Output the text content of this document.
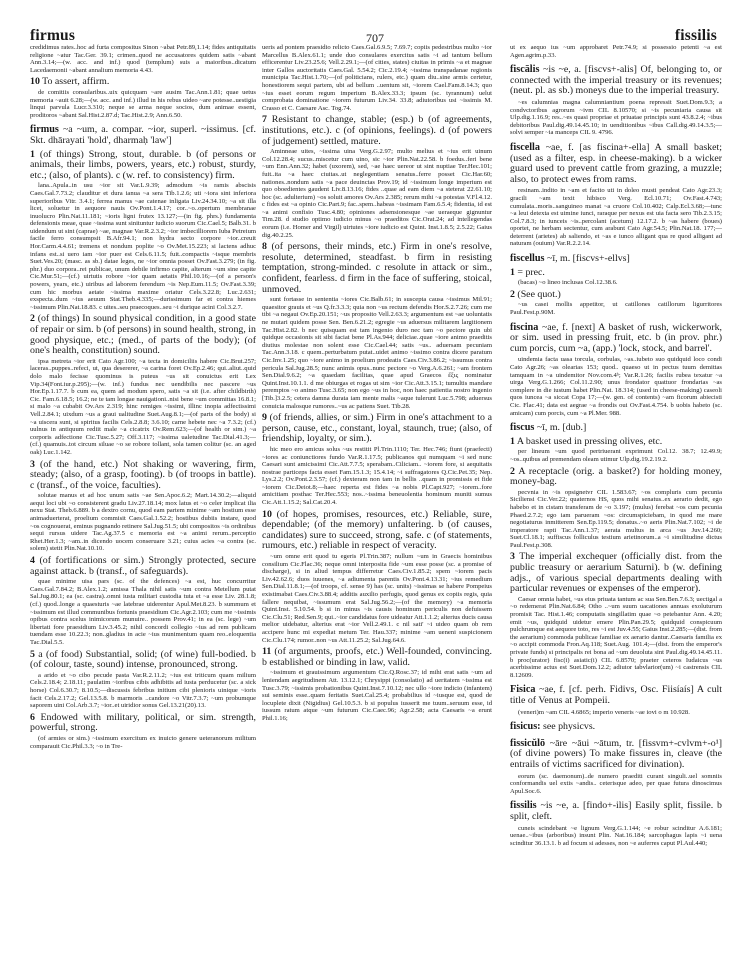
firmus	707	fissilis

credidimus rates..hoc ad furta compositus Sinon ~abat Petr.89,1.14; fides antiquitatis religione ~atur Tac.Ger. 39.1; crimen..quod ne accusatores quidem satis ~abant Ann.3.14;—(w. acc. and inf.) quod (templum) suis a maioribus..dicatum Lacedaemonii ~abant annalium memoria 4.43.

10 To assert, affirm.

de comitiis consularibus..uix quicquam ~are ausim Tac.Ann.1.81; quae uetus memoria ~auit 6.28;—(w. acc. and inf.) illud in his rebus uideo ~are potesse..uestigia linqui parvula Lucr.3.310; neque se arma neque socios, dum animae essent, proditoros ~abant Sal.Hist.2.87.d; Tac.Hist.2.9; Ann.6.50.

firmus ~a ~um, a. compar. ~ior, superl. ~issimus. [cf. Skt. dhārayati 'hold', dharmaḥ 'law']

1 (of things) Strong, stout, durable. b (of persons or animals, their limbs, powers, years, etc.) robust, sturdy, etc.; (also, of plants). c (w. ref. to consistency) firm.

lana..Apula..in usu ~ior sit Var.L.9.39; admodum ~is ramis abscisis Caes.Gal.7.73.2; clauditur et dura ianua ~a sera Tib.1.2.6; uti ~iora sint inferiora superioribus Vitr. 3.4.1; ferrea manus ~ae catenae inligata Liv.24.34.10; ~a sit illa licet, soluetur in aequore nauis Ov.Pont.1.4.17; cor..~o..opertum membranae inuolucro Plin.Nat.11.181; ~ioris ligni frutex 13.127;—(in fig. phrs.) fundamenta defensionis meae, quae ~issima sunt sinituntur iudicio suorum Cic.Cael.5; Balb.31. b uidendum ut sint (caprae) ~ae, magnae Var.R.2.3.2; ~ior imbecilliorem Iuba Petreium facile ferro consumpsit B.Afr.94.1; non hydra secto corpore ~ior..creuit Hor.Carm.4.4.61; tremens et nondum poplite ~o Ov.Met.15.223; si lactens adhuc infans est..si uero iam ~ior puer est Cels.6.11.5; fuit..compactis ~isque membris Suet.Ves.20; (masc. as sb.) datae leges, ne ~ior omnia posset Ov.Fast.3.279; (in fig. phr.) duo corpora..rei publicae, unum debile infirmo capite, alterum ~um sine capite Cic.Mur.51;—(cf.) uirtutis robore ~ior quam aetatis Phil.10.16;—(of a person's powers, years, etc.) uiribus ad laborem ferendum ~is Nep.Eum.11.5; Ov.Fast.3.39; cum hic morbus aetate ~issima maxime oriatur Cels.3.22.8; Luc.2.631; exspecta..dum ~ius aeuum Stat.Theb.4.335;—durissimum far et contra hiemes ~issimum Plin.Nat.18.83. c uites..seu praecoques..seu ~i durique acini Col.3.2.7.

2 (of things) In sound physical condition, in a good state of repair or sim. b (of persons) in sound health, strong, in good physique, etc.; (med., of parts of the body); (of one's health, constitution) sound.

ipsa metreta ~ior erit Cato Agr.100; ~a tecta in domiciliis habere Cic.Brut.257; laceras..puppes..refeci, ut, qua desererer, ~a carina foret Ov.Ep.2.46; qui..aliut..quid dolo malo fecisse quominus is puteus ~us sit conuictus erit Lex Vip.34(Font.iur.p.295);—(w. inf.) fundus nec uendibilis nec pascere ~us Hor.Ep.1.17.7. b cum ea, quem ad modum spero, satis ~a sit (i.e. after childbirth) Cic. Fam.6.18.5; 16.2; ne te tam longae nauigationi..nisi bene ~um committas 16.8.1; si malo ~a cubabit Ov.Ars 2.319; hinc remiges ~issimi, illinc inopia adfectissimi Vell.2.84.1; uixdum ~us a graui ualitudine Suet.Aug.8.1;—(of parts of the body) si ~a uiscera sunt, si spiritus facilis Cels.2.8.8; 3.6.10; carne hebete nec ~a 7.3.2; (cf.) uulnus in antiquum rediit male ~a cicatrix Ov.Rem.623;—(of health or sim.) ~a corporis adfectione Cic.Tusc.5.27; Off.3.117; ~issima ualetudine Tac.Dial.41.3;—(cf.) quamuis..tot circum siluae ~o se robore tollant, sola tamen colitur (sc. an aged oak) Luc.1.142.

3 (of the hand, etc.) Not shaking or wavering, firm, steady; (also, of a grasp, footing). b (of troops in battle). c (transf., of the voice, faculties).

solutae manus et ad hoc unum satis ~ae Sen.Apoc.6.2; Mart.14.30.2;—aliquid aequi loci ubi ~o consisterent gradu Liv.27.18.14; mox latus et ~o celer implicat ilia nexu Stat. Theb.6.889. b a dextro cornu, quod eam partem minime ~am hostium esse animaduerterat, proelium commisit Caes.Gal.1.52.2; hostibus dubiis instare, quod ~os cognouerat, eminus pugnando retinere Sal.Jug.51.5; ubi compositos ~is ordinibus sequi rursus uidere Tac.Ag.37.5 c memoria est ~a animi rerum..perceptio Rhet.Her.1.3; ~am..in dicendo uocem conseruare 3.21; cuius acies ~a contra (sc. solem) stetit Plin.Nat.10.10.

4 (of fortifications or sim.) Strongly protected, secure against attack. b (transf., of safeguards).

quae minime uisa pars (sc. of the defences) ~a est, huc concurritur Caes.Gal.7.84.2; B.Alex.1.2; amissa Thala nihil satis ~um contra Metellum putat Sal.Jug.80.1; ea (sc. castra)..omni iusta militari custodia tuta et ~a esse Liv. 28.1.8; (cf.) quod..longe a quaesturis ~ae latebrae uiderentur Apul.Met.8.23. b summum et ~issimum est illud communibus fortunis praesidium Cic.Agr.2.103; cum me ~issimis opibus contra scelus inimicorum munuire.. possem Prov.41; in ea (sc. lege) ~um libertati fore praesidium Liv.3.45.2; nihil concordi collegio ~ius ad rem publicam tuendam esse 10.22.3; non..gladius in acie ~ius munimentum quam reo..eloquentia Tac.Dial.5.5.

5 a (of food) Substantial, solid; (of wine) full-bodied. b (of colour, taste, sound) intense, pronounced, strong.

a arido et ~o cibo pecude pasta Var.R.2.11.2; ~ius est triticum quam milium Cels.2.18.4; 2.18.11; paulatim ~ioribus cibis adhibitis ad iusta perducetur (sc. a sick horse) Col.6.30.7; 8.10.5;—discussis febribus initium cibi plenioris uinique ~ioris facit Cels.2.17.2; Gel.13.5.8. b marmoris ..candore ~o Vitr.7.3.7; ~um probumque saporem uini Col.Arb.3.7; ~ior..et uiridior sonus Gel.13.21(20).13.

6 Endowed with military, political, or sim. strength, powerful, strong.

(of armies or sim.) ~issimum exercitum ex inuicto genere ueteranorum militum comparauit Cic.Phil.3.3; ~o in Tre-

ueris ad pontem praesidio relicto Caes.Gal.6.9.5; 7.69.7; copiis pedestribus multo ~ior Marcellus B.Alex.61.1; unde duo consulares exercitus satis ~i ad tantum bellum efficerentur Liv.23.25.6; Vell.2.29.1;—(of cities, states) ciuitas in primis ~a et magnae inter Gallos auctoritatis Caes.Gal. 5.54.2; Cic.2.19.4; ~issima transpadanae regionis municipia Tac.Hist.1.70;—(of politicians, rulers, etc.) quam diu..sine armis certetur, honestiorem sequi partem, ubi ad bellum ..uentum sit, ~iorem Cael.Fam.8.14.3; quo ~ius esset eorum regum imperium B.Alex.33.3; ipsum (sc. tyrannum) uelut comprobata dominatione ~iorem futurum Liv.34. 33.8; adiutoribus usi ~issimis M. Crasso et C. Caesare Asc. Tog.74.

7 Resistant to change, stable; (esp.) b (of agreements, institutions, etc.). c (of opinions, feelings). d (of powers of judgement) settled, mature.

Aminneae uites, ~issima uina Verg.G.2.97; multo melius et ~ius erit uinum Col.12.28.4; sucus..miscetur cum uino, sic ~ior Plin.Nat.22.58. b foedus..feri bene ~um Enn.Ann.32; habet (uxorem), sed, ~ae haec uereor ut sint nuptiae Ter.Hec.101; fuit..ita ~a haec ciuitas..ut neglegentiam senatus..ferre posset Cic.Har.60; nationes..nondum satis ~a pace deuinctas Prov.19; id ~issimum longe imperium est quo oboedientes gaudent Liv.8.13.16; fides ..quae ad eam diem ~a steterat 22.61.10; hoc (sc. adulterium) ~os soluit amores Ov.Ars 2.385; rerum mihi ~a potestas V.Fl.4.12. c fides est ~a opinio Cic.Part.9; fac..spem..habeas ~issimam Fam.6.5.4; fidentia, id est ~a animi confisio Tusc.4.80; opiniones adsensionesque ~ae ueraeque gignuntur Tim.28. d studio optimo iudicio minus ~o praeditos Cic.Orat.24; ad intellegendas eorum (i.e. Homer and Virgil) uirtutes ~iore iudicio est Quint. Inst.1.8.5; 2.5.22; Gaius dig.40.2.25.

8 (of persons, their minds, etc.) Firm in one's resolve, resolute, determined, steadfast. b firm in resisting temptation, strong-minded. c resolute in attack or sim., confident, fearless. d firm in the face of suffering, stoical, unmoved.

sunt fortasse in sententia ~iores Cic.Balb.61; in suscepta causa ~issimus Mil.91; quaesitor grauis et ~us Q.fr.3.3.3; quia non ~us rectum defendis Hor.S.2.7.26; cum me tibi ~a negaui Ov.Ep.20.151; ~us proposito Vell.2.63.3; argumentum est ~ae uoluntatis ne mutari quidem posse Sen. Ben.6.21.2; egregie ~us aduersus militarem largitionem Tac.Hist.2.82. b nec quisquam est tam ingenio duro nec tam ~o pectore quin ubi quidque occasionis sit sibi faciat bene Pl.As.944; deliciae..quae ~iore animo praeditis diutius molestae non solent esse Cic.Cael.44; satis ~us.. aduersam pecuniam Tac.Ann.3.18. c quem..perturbatum putat..uidet animo ~issimo contra dicere paratum Cic.Inv.1.25; quo ~iore animo in proelium prodeatis Caes.Civ.3.86.2; ~issumus contra pericula Sal.Jug.28.5; nunc animis opus..nunc pectore ~o Verg.A.6.261; ~am frontem Sen.Dial.9.6.2; ~a quaedam facilitas, quae apud Graecos ἕξις nominatur Quint.Inst.10.1.1. d me obiurgas et rogas ut sim ~ior Cic.Att.3.15.1; tumultis mandare peremptos ~o animo Tusc.3.65; non ego ~us in hoc, non haec patientia nostro ingenio [Tib.]3.2.5; cetera damna durata iam mente malis ~aque tulerunt Luc.5.798; aduersus conuicia malosque rumores..~us ac patiens Suet. Tib.28.

9 (of friends, allies, or sim.) Firm in one's attachment to a person, cause, etc., constant, loyal, staunch, true; (also, of friendship, loyalty, or sim.).

hic meo ero amicus solus ~us restitit Pl.Trin.1110; Ter. Hec.746; fiunt (praefecti) ~iores ac coniunctiores fundo Var.R.1.17.5; publicanos qui numquam ~i sed nunc Caesari sunt amicissimi Cic.Att.7.7.5; sperabam..Ciliciam.. ~iorem fore, si aequitatis nostrae particeps facta esset Fam.15.1.3; 15.4.14; ~i suffragatores Q.Cic.Pet.35; Nep. Lys.2.2; Ov.Pont.2.3.57; (cf.) dexteram non tam in bellis ..quam in promissis et fide ~iorem Cic.Deiot.8;—haec reperta est fides ~a nobis Pl.Capt.927; ~iorem..fore amicitiam posthac Ter.Hec.553; nos..~issima beneuolentia hominum muniti sumus Cic.Att.1.15.2; Sal.Cat.20.4.

10 (of hopes, promises, resources, etc.) Reliable, sure, dependable; (of the memory) unfaltering. b (of causes, candidates) sure to succeed, strong, safe. c (of statements, rumours, etc.) reliable in respect of veracity.

~um omne erit quod tu egeris Pl.Trin.387; nullum ~um in Graecis hominibus consilium Cic.Flac.36; neque omni interposita fide ~um esse posse (sc. a promise of discharge), si in aliud tempus differretur Caes.Civ.1.85.2; spem ~iorem pacis Liv.42.62.6; duos iuuenes, ~a adiumenta parentis Ov.Pont.4.13.31; ~ius remedium Sen.Dial.11.8.1;—(of troops, cf. sense 9) has (sc. units) ~issimas se habere Pompeius existimabat Caes.Civ.3.88.4; additis auxilio perfugis, quod genus ex copiis regis, quia fallere nequibat, ~issumum erat Sal.Jug.56.2;—(of the memory) ~a memoria Quint.Inst. 5.10.54. b si in minus ~is causis hominum periculis non defuissem Cic.Clu.51; Red.Sen.9; qui..~ior candidatus fore uideatur Att.1.1.2; alterius ducis causa melior uidebatur, alterius erat ~ior Vell.2.49.1. c nil sati' ~i uideo quam ob rem accipere hunc mi expediat metum Ter. Hau.337; minime ~am ueneni suspicionem Cic.Clu.174; rumor..non ~us Att.11.25.2; Sal.Jug.64.6.

11 (of arguments, proofs, etc.) Well-founded, convincing. b established or binding in law, valid.

~issimum et grauissimum argumentum Cic.Q.Rosc.37; id mihi erat satis ~um ad leniendam aegritudinem Att. 13.12.1; Chrysippi (consolatio) ad ueritatem ~issima est Tusc.3.79; ~issimis probationibus Quint.Inst.7.10.12; nec ullo ~iore indicio (infantem) sui seminis esse..quam feritatis Suet.Cal.25.4; probabilius id ~iusque est, quod de locuplete dixit (Nigidius) Gel.10.5.3. b si populus iusserit me tuum..seruum esse, id iussum ratum atque ~um futurum Cic.Caec.96; Agr.2.58; acta Caesaris ~a erunt Phil.1.16;

ut ex aequo ius ~um approbaret Petr.74.9; si possessio petenti ~a est Agen.agrim.p.33.

fiscālis ~is ~e, a. [fiscvs+-alis] Of, belonging to, or connected with the imperial treasury or its revenues; (neut. pl. as sb.) moneys due to the imperial treasury.

~es calumnias magna calumniantium poena repressit Suet.Dom.9.3; a condvctoribus agrorum ~ivm CIL 8.10570; si ~is pecuniaria causa sit Ulp.dig.1.16.9; res..~es quasi propriae et priuatae principis sunt 43.8.2.4; ~ibus debitoribus Paul.dig.49.14.45.10; in uenditionibus ~ibus Call.dig.49.14.3.5;—solvi semper ~ia manceps CIL 9. 4796.

fiscella ~ae, f. [as fiscina+-ella] A small basket; (used as a filter, esp. in cheese-making). b a wicker guard used to prevent cattle from grazing, a muzzle; also, to protect ewes from rams.

resinam..indito in ~am et facito uti in doleo musti pendeat Cato Agr.23.3; gracili ~am texit hibisco Verg. Ecl.10.71; Ov.Fast.4.743; cumulata..moris..sanguineo manat ~a cruore Col.10.402; Calp.Ecl.3.68;—tunc ~a leui detexta est uimine iunci, raraque per nexus est uia facta sero Tib.2.3.15; Col.7.8.3; in iunceis ~is..percolant (acetum) 12.17.2. b ~as habere (boues) oportet, ne herbam sectentur, cum arabunt Cato Agr.54.5; Plin.Nat.18. 177;—deterrent (arietes) ab saliendo, et ~as e iunco alligant qua re quod alligant ad naturam (ouium) Var.R.2.2.14.

fiscellus ~ī, m. [fiscvs+-ellvs]

1 = prec.

(bacas) ~o lineo inclusas Col.12.38.6.

2 (See quot.)

~us casei mollis appetitor, ut catillones catillorum ligurritores Paul.Fest.p.90M.

fiscina ~ae, f. [next] A basket of rush, wickerwork, or sim. used in pressing fruit, etc. b (in prov. phr.) cum porcis, cum ~a, (app.) 'lock, stock, and barrel'.

uindemia facta uasa torcula, corbulas, ~as..iubeto suo quidquid loco condi Cato Agr.26; ~as olearias 153; quod.. quaeso ut in pectus tuum demittas tamquam in ~a uindemitor Nov.com.4ᵇ; Var.R.1.26; facilis rubea texatur ~a uirga Verg.G.1.266; Col.11.2.90; unus frondator quattuor frondarias ~as complere in die iustum habet Plin.Nat. 18.314; (used in cheese-making) caseoli quos iuncea ~a siccat Copa 17;—(w. gen. of contents) ~am ficorum abiecisti Cic. Flac.41; data est aegrae ~a frondis oui Ov.Fast.4.754. b uobis habeto (sc. amicam) cum porcis, cum ~a Pl.Mer. 988.

fiscus ~ī, m. [dub.]

1 A basket used in pressing olives, etc.

per lineum ~um quod pertriuerant exprimunt Col.12. 38.7; 12.49.9; ~os..quibus ad premendam oleam utimur Ulp.dig.19.2.19.2.

2 A receptacle (orig. a basket?) for holding money, money-bag.

pecvnia in ~is opsignetvr CIL 1.583.67; ~os compluris cum pecunia Siciliensi Cic.Ver.22; quaternos HS, quos mihi senatus..ex aerario dedit, ego habebo et in cistam transferam de ~o 3.197; (mulus) ferebat ~os cum pecunia Phaed.2.7.2; ego iam parueram ~os: circumspiciebam, in quod me mare negotiaturus inmitterem Sen.Ep.119.5; donatus..~o aeris Plin.Nat.7.102; ~i de imperatore rapti Tac.Ann.1.37; aerata multus in arca ~us Juv.14.260; Suet.Cl.18.1; suffiscus folliculus testium arietinorum..a ~i similitudine dictus Paul.Fest.p.308.

3 The imperial exchequer (officially dist. from the public treasury or aerarium Saturni). b (w. defining adjs., of various special departments dealing with particular revenues or expenses of the emperor).

Caesar omnia habet, ~us eius priuata tantum ac sua Sen.Ben.7.6.3; uectigal a ~o redemerat Plin.Nat.6.84; Otho ..~um suum uacationes annuas exoluturum promisit Tac. Hist.1.46; computatis singillatim quae ~o petebantur Ann. 4.20; emit ~us, quidquid uidetur emere Plin.Pan.29.5; quidquid conspicuum pulchrumque est aequore toto, res ~i est Juv.4.55; Gaius Inst.2.285;—(dist. from the aerarium) commoda publicae familiae ex aerario dantur..Caesaris familia ex ~o accipit commoda Fron.Aq.118; Suet.Aug. 101.4;—(dist. from the emperor's private funds) si principalis rei bona ad ~um deuoluta sint Paul.dig.49.14.45.11. b proc(urator) fisc(i) asiatic(i) CIL 6.8570; praeter ceteros Iudaicus ~us acerbissime actus est Suet.Dom.12.2; adiutor tabvlarior(um) ~i castrensis CIL 8.12609.

Fisica ~ae, f. [cf. perh. Fidivs, Osc. Fiisíaís] A cult title of Venus at Pompeii.

(veneri)m ~am CIL 4.6865; imperio veneris ~ae iovi o m 10.928.

fisicus: see physicvs.

fissicŭlō ~āre ~āui ~ātum, tr. [fissvm+-cvlvm+-o¹] (of divine powers) To make fissures in, cleave (the entrails of victims sacrificed for divination).

eorum (sc. daemonum)..de numero praediti curant singuli..uel somniis conformandis uel extis ~andis.. ceterisque adeo, per quae futura dinoscimus Apul.Soc.6.

fissilis ~is ~e, a. [findo+-ilis] Easily split, fissile. b split, cleft.

cuneis scindebant ~e lignum Verg.G.1.144; ~e robur scinditur A.6.181; uenae..~ibus (arboribus) insunt Plin. Nat.16.184; sarcophagus lapis ~i uena scinditur 36.13.1. b ad focum si adesses, non ~e auferres caput Pl.Aul.440;
